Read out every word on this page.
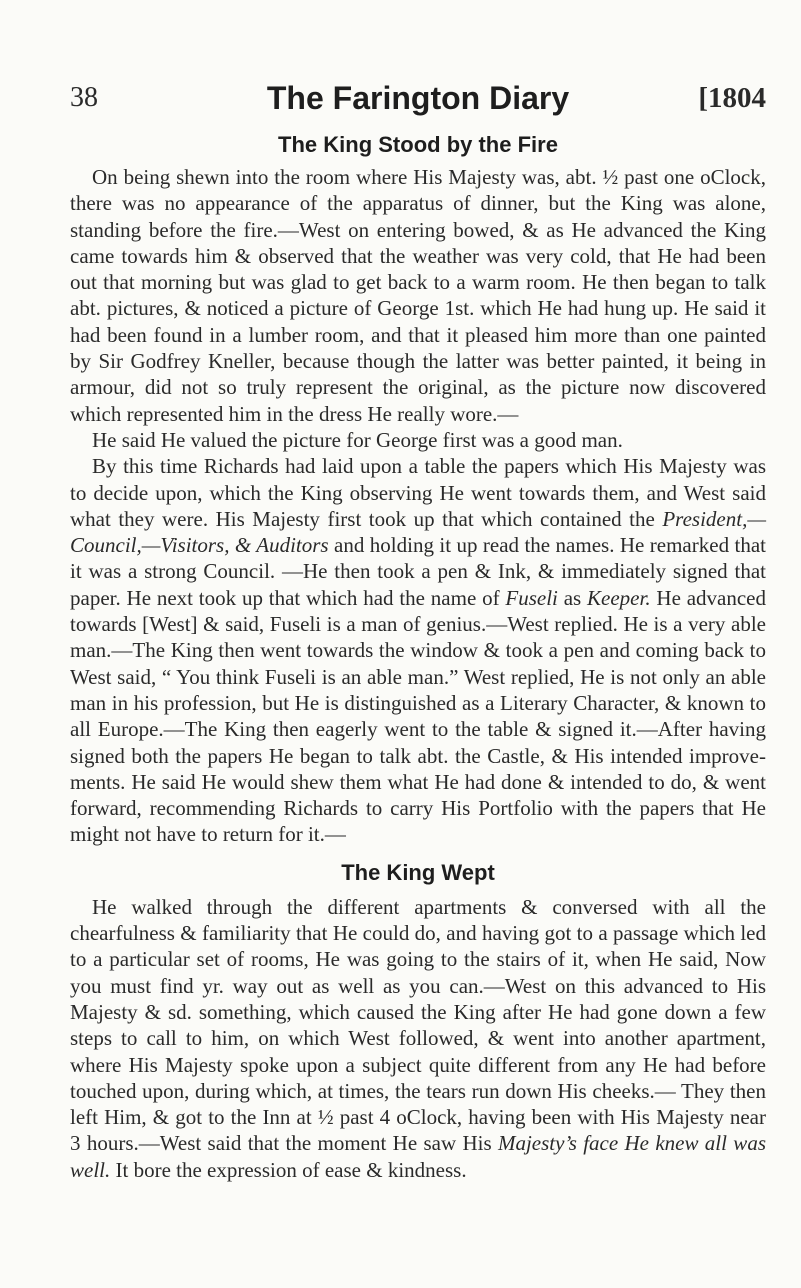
38	The Farington Diary	[1804
The King Stood by the Fire

On being shewn into the room where His Majesty was, abt. ½ past one oClock, there was no appearance of the apparatus of dinner, but the King was alone, standing before the fire.—West on entering bowed, & as He advanced the King came towards him & observed that the weather was very cold, that He had been out that morning but was glad to get back to a warm room. He then began to talk abt. pictures, & noticed a picture of George 1st. which He had hung up. He said it had been found in a lumber room, and that it pleased him more than one painted by Sir Godfrey Kneller, because though the latter was better painted, it being in armour, did not so truly represent the original, as the picture now discovered which represented him in the dress He really wore.—

He said He valued the picture for George first was a good man.

By this time Richards had laid upon a table the papers which His Majesty was to decide upon, which the King observing He went towards them, and West said what they were. His Majesty first took up that which contained the President,—Council,—Visitors, & Auditors and holding it up read the names. He remarked that it was a strong Council. —He then took a pen & Ink, & immediately signed that paper. He next took up that which had the name of Fuseli as Keeper. He advanced towards [West] & said, Fuseli is a man of genius.—West replied. He is a very able man.—The King then went towards the window & took a pen and coming back to West said, “ You think Fuseli is an able man.” West replied, He is not only an able man in his profession, but He is distinguished as a Literary Character, & known to all Europe.—The King then eagerly went to the table & signed it.—After having signed both the papers He began to talk abt. the Castle, & His intended improvements. He said He would shew them what He had done & intended to do, & went forward, recommending Richards to carry His Portfolio with the papers that He might not have to return for it.—

The King Wept

He walked through the different apartments & conversed with all the chearfulness & familiarity that He could do, and having got to a passage which led to a particular set of rooms, He was going to the stairs of it, when He said, Now you must find yr. way out as well as you can.—West on this advanced to His Majesty & sd. something, which caused the King after He had gone down a few steps to call to him, on which West followed, & went into another apartment, where His Majesty spoke upon a subject quite different from any He had before touched upon, during which, at times, the tears run down His cheeks.— They then left Him, & got to the Inn at ½ past 4 oClock, having been with His Majesty near 3 hours.—West said that the moment He saw His Majesty’s face He knew all was well. It bore the expression of ease & kindness.
